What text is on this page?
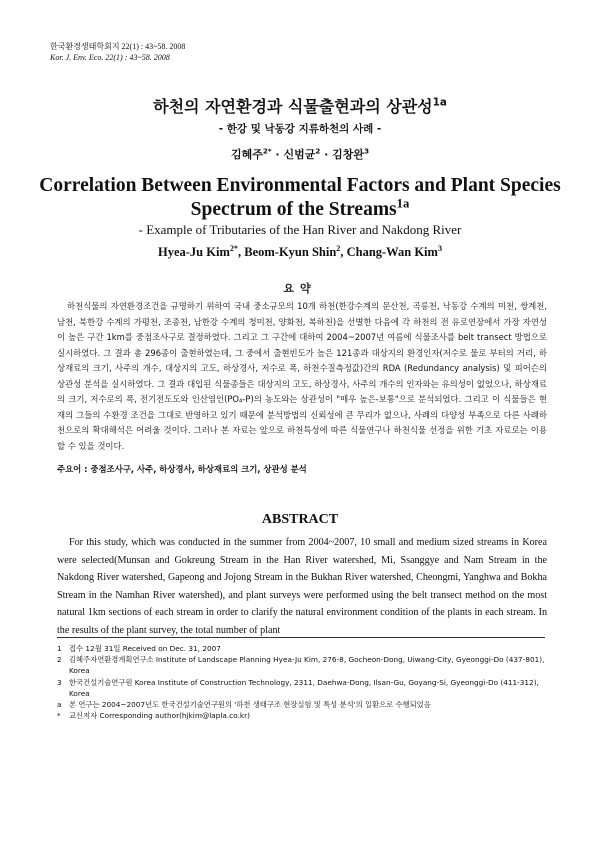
한국환경생태학회지 22(1) : 43~58. 2008
Kor. J. Env. Eco. 22(1) : 43~58. 2008
하천의 자연환경과 식물출현과의 상관성$^{1a}$
- 한강 및 낙동강 지류하천의 사례 -
김혜주$^{2*}$ · 신범균$^2$ · 김창완$^3$
Correlation Between Environmental Factors and Plant Species
Spectrum of the Streams$^{1a}$
- Example of Tributaries of the Han River and Nakdong River
Hyea-Ju Kim$^{2*}$, Beom-Kyun Shin$^2$, Chang-Wan Kim$^3$
요약
하천식물의 자연환경조건을 규명하기 위하여 국내 중소규모의 10개 하천(한강수계의 문산천, 곡릉천, 낙동강 수계의 미천, 쌍계천, 남천, 북한강 수계의 가평천, 조종천, 남한강 수계의 청미천, 양화천, 복하천)을 선별한 다음에 각 하천의 전 유로연장에서 가장 자연성이 높은 구간 1km를 중점조사구로 결정하였다. 그리고 그 구간에 대하여 2004~2007년 여름에 식물조사를 belt transect 방법으로 실시하였다. 그 결과 총 296종이 출현하였는데, 그 중에서 출현빈도가 높은 121종과 대상지의 환경인자(저수로 물로 부터의 거리, 하상재료의 크기, 사주의 개수, 대상지의 고도, 하상경사, 저수로 폭, 하천수질측정값)간의 RDA (Redundancy analysis) 및 피어슨의 상관성 분석을 실시하였다. 그 결과 대입된 식물종들은 대상지의 고도, 하상경사, 사주의 개수의 인자와는 유의성이 없었으나, 하상재료의 크기, 저수로의 폭, 전기전도도와 인산염인(PO₄-P)의 농도와는 상관성이 "매우 높은-보통"으로 분석되었다. 그리고 이 식물들은 현재의 그들의 수환경 조건을 그대로 반영하고 있기 때문에 분석방법의 신뢰성에 큰 무리가 없으나, 사례의 다양성 부족으로 다른 사례하천으로의 확대해석은 어려울 것이다. 그러나 본 자료는 앞으로 하천특성에 따른 식물연구나 하천식물 선정을 위한 기초 자료로는 이용할 수 있을 것이다.
주요어 : 중점조사구, 사주, 하상경사, 하상재료의 크기, 상관성 분석
ABSTRACT
For this study, which was conducted in the summer from 2004~2007, 10 small and medium sized streams in Korea were selected(Munsan and Gokreung Stream in the Han River watershed, Mi, Ssanggye and Nam Stream in the Nakdong River watershed, Gapeong and Jojong Stream in the Bukhan River watershed, Cheongmi, Yanghwa and Bokha Stream in the Namhan River watershed), and plant surveys were performed using the belt transect method on the most natural 1km sections of each stream in order to clarify the natural environment condition of the plants in each stream. In the results of the plant survey, the total number of plant
1	접수 12월 31일 Received on Dec. 31, 2007
2	김혜주자연환경계획연구소 Institute of Landscape Planning Hyea-Ju Kim, 276-8, Gocheon-Dong, Uiwang-City, Gyeonggi-Do (437-801), Korea
3	한국건설기술연구원 Korea Institute of Construction Technology, 2311, Daehwa-Dong, Ilsan-Gu, Goyang-Si, Gyeonggi-Do (411-312), Korea
a	본 연구는 2004~2007년도 한국건설기술연구원의 '하천 생태구조 현장실험 및 특성 분석'의 일환으로 수행되었음
*	교신저자 Corresponding author(hjkim@lapla.co.kr)
